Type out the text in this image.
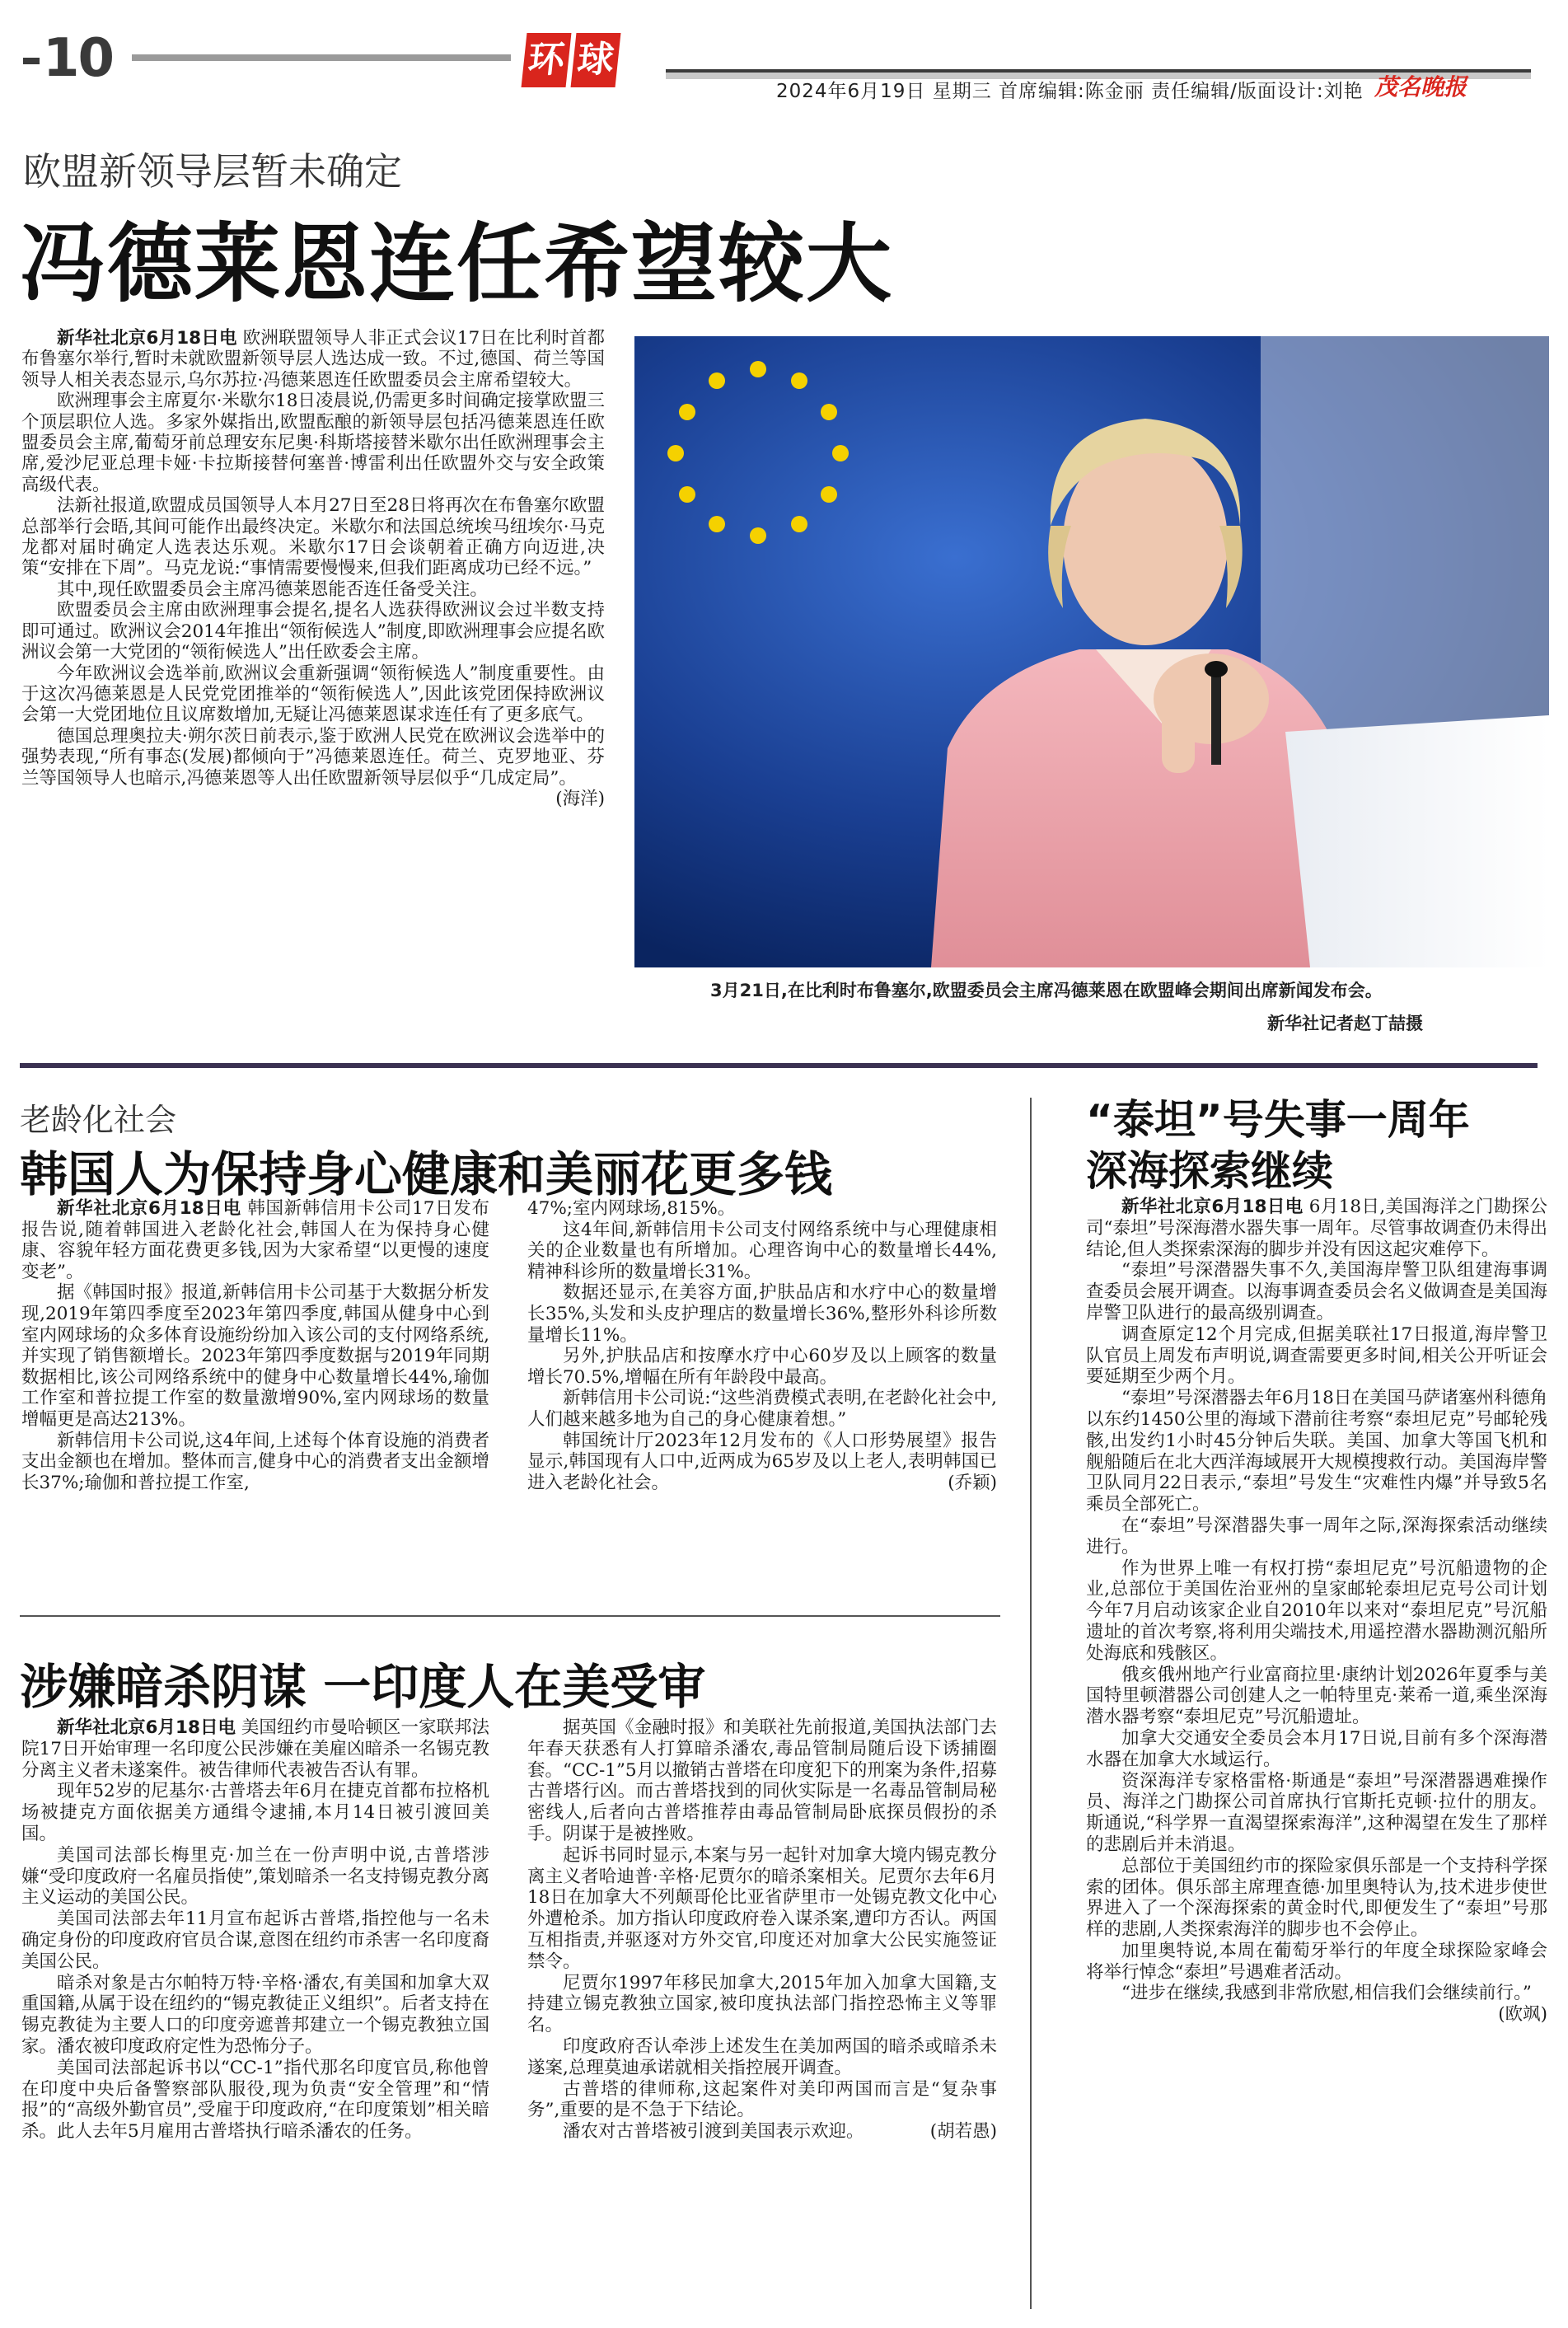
10	环 球
2024年6月19日 星期三 首席编辑:陈金丽 责任编辑/版面设计:刘艳 茂名晚报
欧盟新领导层暂未确定
冯德莱恩连任希望较大

新华社北京6月18日电 欧洲联盟领导人非正式会议17日在比利时首都布鲁塞尔举行,暂时未就欧盟新领导层人选达成一致。不过,德国、荷兰等国领导人相关表态显示,乌尔苏拉·冯德莱恩连任欧盟委员会主席希望较大。

欧洲理事会主席夏尔·米歇尔18日凌晨说,仍需更多时间确定接掌欧盟三个顶层职位人选。多家外媒指出,欧盟酝酿的新领导层包括冯德莱恩连任欧盟委员会主席,葡萄牙前总理安东尼奥·科斯塔接替米歇尔出任欧洲理事会主席,爱沙尼亚总理卡娅·卡拉斯接替何塞普·博雷利出任欧盟外交与安全政策高级代表。

法新社报道,欧盟成员国领导人本月27日至28日将再次在布鲁塞尔欧盟总部举行会晤,其间可能作出最终决定。米歇尔和法国总统埃马纽埃尔·马克龙都对届时确定人选表达乐观。米歇尔17日会谈朝着正确方向迈进,决策“安排在下周”。马克龙说:“事情需要慢慢来,但我们距离成功已经不远。”

其中,现任欧盟委员会主席冯德莱恩能否连任备受关注。

欧盟委员会主席由欧洲理事会提名,提名人选获得欧洲议会过半数支持即可通过。欧洲议会2014年推出“领衔候选人”制度,即欧洲理事会应提名欧洲议会第一大党团的“领衔候选人”出任欧委会主席。

今年欧洲议会选举前,欧洲议会重新强调“领衔候选人”制度重要性。由于这次冯德莱恩是人民党党团推举的“领衔候选人”,因此该党团保持欧洲议会第一大党团地位且议席数增加,无疑让冯德莱恩谋求连任有了更多底气。

德国总理奥拉夫·朔尔茨日前表示,鉴于欧洲人民党在欧洲议会选举中的强势表现,“所有事态(发展)都倾向于”冯德莱恩连任。荷兰、克罗地亚、芬兰等国领导人也暗示,冯德莱恩等人出任欧盟新领导层似乎“几成定局”。
(海洋)

3月21日,在比利时布鲁塞尔,欧盟委员会主席冯德莱恩在欧盟峰会期间出席新闻发布会。
新华社记者赵丁喆摄
老龄化社会
韩国人为保持身心健康和美丽花更多钱

新华社北京6月18日电 韩国新韩信用卡公司17日发布报告说,随着韩国进入老龄化社会,韩国人在为保持身心健康、容貌年轻方面花费更多钱,因为大家希望“以更慢的速度变老”。

据《韩国时报》报道,新韩信用卡公司基于大数据分析发现,2019年第四季度至2023年第四季度,韩国从健身中心到室内网球场的众多体育设施纷纷加入该公司的支付网络系统,并实现了销售额增长。2023年第四季度数据与2019年同期数据相比,该公司网络系统中的健身中心数量增长44%,瑜伽工作室和普拉提工作室的数量激增90%,室内网球场的数量增幅更是高达213%。

新韩信用卡公司说,这4年间,上述每个体育设施的消费者支出金额也在增加。整体而言,健身中心的消费者支出金额增长37%;瑜伽和普拉提工作室,

47%;室内网球场,815%。

这4年间,新韩信用卡公司支付网络系统中与心理健康相关的企业数量也有所增加。心理咨询中心的数量增长44%,精神科诊所的数量增长31%。

数据还显示,在美容方面,护肤品店和水疗中心的数量增长35%,头发和头皮护理店的数量增长36%,整形外科诊所数量增长11%。

另外,护肤品店和按摩水疗中心60岁及以上顾客的数量增长70.5%,增幅在所有年龄段中最高。

新韩信用卡公司说:“这些消费模式表明,在老龄化社会中,人们越来越多地为自己的身心健康着想。”

韩国统计厅2023年12月发布的《人口形势展望》报告显示,韩国现有人口中,近两成为65岁及以上老人,表明韩国已进入老龄化社会。	(乔颖)

涉嫌暗杀阴谋 一印度人在美受审

新华社北京6月18日电 美国纽约市曼哈顿区一家联邦法院17日开始审理一名印度公民涉嫌在美雇凶暗杀一名锡克教分离主义者未遂案件。被告律师代表被告否认有罪。

现年52岁的尼基尔·古普塔去年6月在捷克首都布拉格机场被捷克方面依据美方通缉令逮捕,本月14日被引渡回美国。

美国司法部长梅里克·加兰在一份声明中说,古普塔涉嫌“受印度政府一名雇员指使”,策划暗杀一名支持锡克教分离主义运动的美国公民。

美国司法部去年11月宣布起诉古普塔,指控他与一名未确定身份的印度政府官员合谋,意图在纽约市杀害一名印度裔美国公民。

暗杀对象是古尔帕特万特·辛格·潘农,有美国和加拿大双重国籍,从属于设在纽约的“锡克教徒正义组织”。后者支持在锡克教徒为主要人口的印度旁遮普邦建立一个锡克教独立国家。潘农被印度政府定性为恐怖分子。

美国司法部起诉书以“CC-1”指代那名印度官员,称他曾在印度中央后备警察部队服役,现为负责“安全管理”和“情报”的“高级外勤官员”,受雇于印度政府,“在印度策划”相关暗杀。此人去年5月雇用古普塔执行暗杀潘农的任务。

据英国《金融时报》和美联社先前报道,美国执法部门去年春天获悉有人打算暗杀潘农,毒品管制局随后设下诱捕圈套。“CC-1”5月以撤销古普塔在印度犯下的刑案为条件,招募古普塔行凶。而古普塔找到的同伙实际是一名毒品管制局秘密线人,后者向古普塔推荐由毒品管制局卧底探员假扮的杀手。阴谋于是被挫败。

起诉书同时显示,本案与另一起针对加拿大境内锡克教分离主义者哈迪普·辛格·尼贾尔的暗杀案相关。尼贾尔去年6月18日在加拿大不列颠哥伦比亚省萨里市一处锡克教文化中心外遭枪杀。加方指认印度政府卷入谋杀案,遭印方否认。两国互相指责,并驱逐对方外交官,印度还对加拿大公民实施签证禁令。

尼贾尔1997年移民加拿大,2015年加入加拿大国籍,支持建立锡克教独立国家,被印度执法部门指控恐怖主义等罪名。

印度政府否认牵涉上述发生在美加两国的暗杀或暗杀未遂案,总理莫迪承诺就相关指控展开调查。

古普塔的律师称,这起案件对美印两国而言是“复杂事务”,重要的是不急于下结论。

潘农对古普塔被引渡到美国表示欢迎。	(胡若愚)

“泰坦”号失事一周年
深海探索继续

新华社北京6月18日电 6月18日,美国海洋之门勘探公司“泰坦”号深海潜水器失事一周年。尽管事故调查仍未得出结论,但人类探索深海的脚步并没有因这起灾难停下。

“泰坦”号深潜器失事不久,美国海岸警卫队组建海事调查委员会展开调查。以海事调查委员会名义做调查是美国海岸警卫队进行的最高级别调查。

调查原定12个月完成,但据美联社17日报道,海岸警卫队官员上周发布声明说,调查需要更多时间,相关公开听证会要延期至少两个月。

“泰坦”号深潜器去年6月18日在美国马萨诸塞州科德角以东约1450公里的海域下潜前往考察“泰坦尼克”号邮轮残骸,出发约1小时45分钟后失联。美国、加拿大等国飞机和舰船随后在北大西洋海域展开大规模搜救行动。美国海岸警卫队同月22日表示,“泰坦”号发生“灾难性内爆”并导致5名乘员全部死亡。

在“泰坦”号深潜器失事一周年之际,深海探索活动继续进行。

作为世界上唯一有权打捞“泰坦尼克”号沉船遗物的企业,总部位于美国佐治亚州的皇家邮轮泰坦尼克号公司计划今年7月启动该家企业自2010年以来对“泰坦尼克”号沉船遗址的首次考察,将利用尖端技术,用遥控潜水器勘测沉船所处海底和残骸区。

俄亥俄州地产行业富商拉里·康纳计划2026年夏季与美国特里顿潜器公司创建人之一帕特里克·莱希一道,乘坐深海潜水器考察“泰坦尼克”号沉船遗址。

加拿大交通安全委员会本月17日说,目前有多个深海潜水器在加拿大水域运行。

资深海洋专家格雷格·斯通是“泰坦”号深潜器遇难操作员、海洋之门勘探公司首席执行官斯托克顿·拉什的朋友。斯通说,“科学界一直渴望探索海洋”,这种渴望在发生了那样的悲剧后并未消退。

总部位于美国纽约市的探险家俱乐部是一个支持科学探索的团体。俱乐部主席理查德·加里奥特认为,技术进步使世界进入了一个深海探索的黄金时代,即便发生了“泰坦”号那样的悲剧,人类探索海洋的脚步也不会停止。

加里奥特说,本周在葡萄牙举行的年度全球探险家峰会将举行悼念“泰坦”号遇难者活动。

“进步在继续,我感到非常欣慰,相信我们会继续前行。”
(欧飒)
